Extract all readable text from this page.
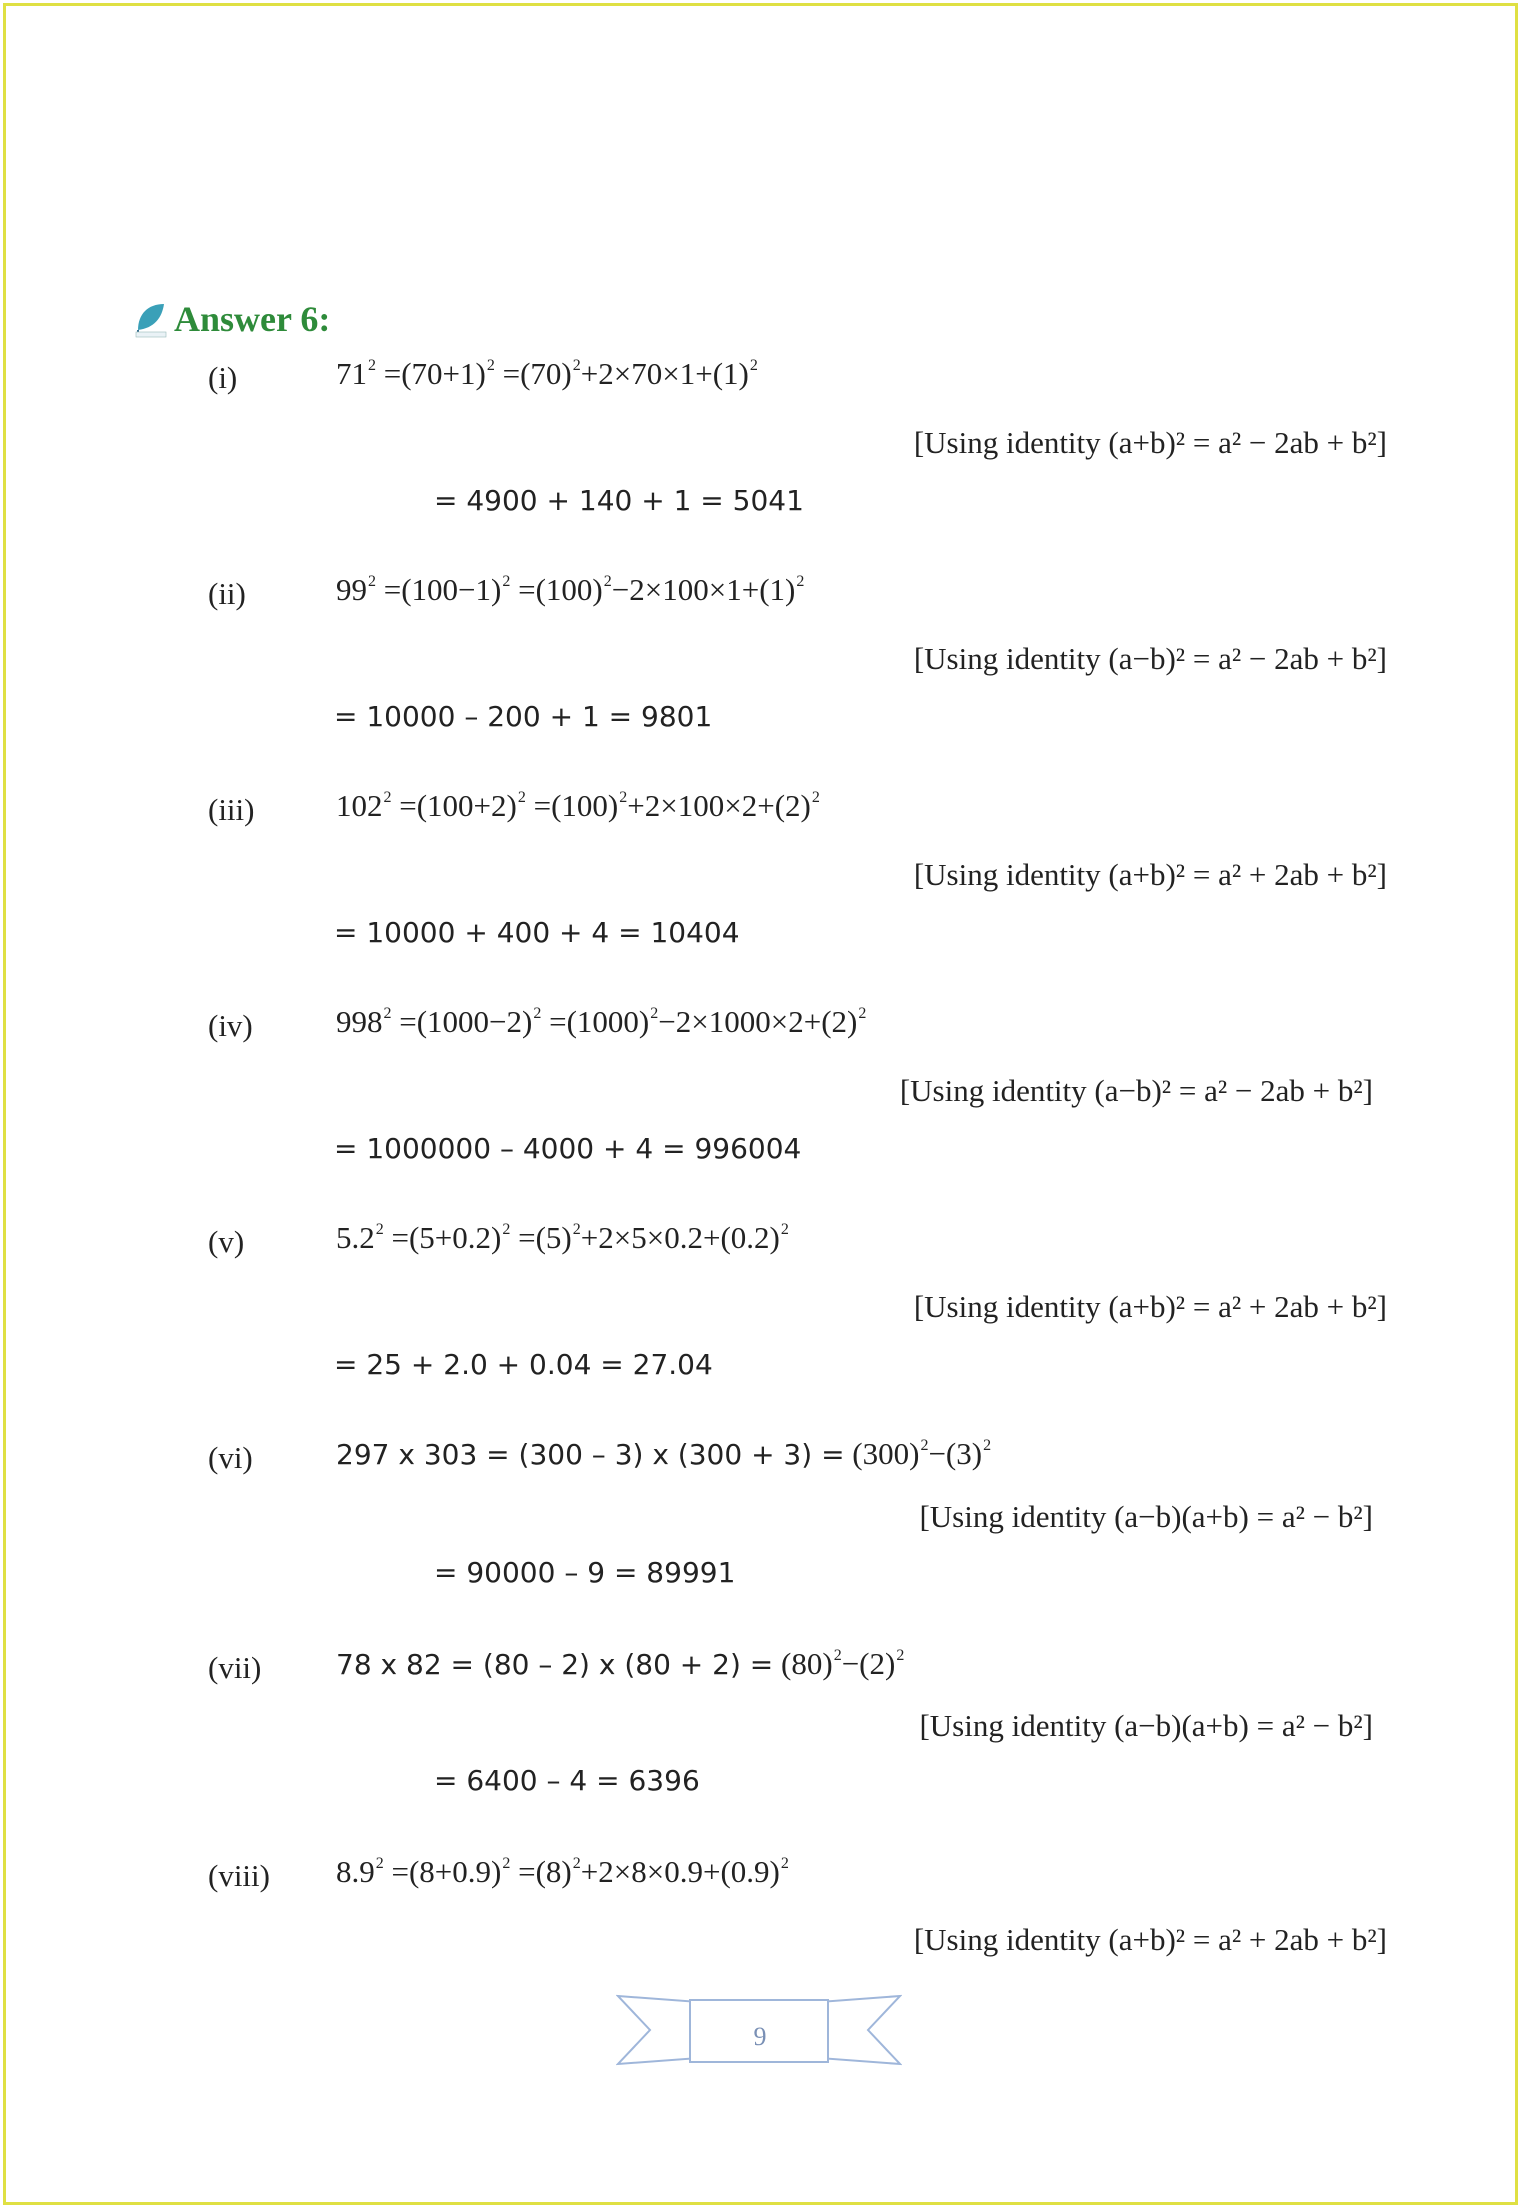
Answer 6:
(i)	$71^2 =(70+1)^2 =(70)^2+2\times 70\times 1+(1)^2$
[Using identity (a+b)² = a² − 2ab + b²]
= 4900 + 140 + 1 = 5041
(ii)	$99^2 =(100-1)^2 =(100)^2-2\times 100\times 1+(1)^2$
[Using identity (a−b)² = a² − 2ab + b²]
= 10000 – 200 + 1 = 9801
(iii)	$102^2 =(100+2)^2 =(100)^2+2\times 100\times 2+(2)^2$
[Using identity (a+b)² = a² + 2ab + b²]
= 10000 + 400 + 4 = 10404
(iv)	$998^2 =(1000-2)^2 =(1000)^2-2\times 1000\times 2+(2)^2$
[Using identity (a−b)² = a² − 2ab + b²]
= 1000000 – 4000 + 4 = 996004
(v)	$5.2^2 =(5+0.2)^2 =(5)^2+2\times 5\times 0.2+(0.2)^2$
[Using identity (a+b)² = a² + 2ab + b²]
= 25 + 2.0 + 0.04 = 27.04
(vi)	297 x 303 = (300 – 3) x $(300 + 3) = (300)^2-(3)^2$
[Using identity (a−b)(a+b) = a² − b²]
= 90000 – 9 = 89991
(vii)	78 x 82 = (80 – 2) x $(80 + 2) = (80)^2-(2)^2$
[Using identity (a−b)(a+b) = a² − b²]
= 6400 – 4 = 6396
(viii) $8.9^2 =(8+0.9)^2 =(8)^2+2\times 8\times 0.9+(0.9)^2$
[Using identity (a+b)² = a² + 2ab + b²]
9
